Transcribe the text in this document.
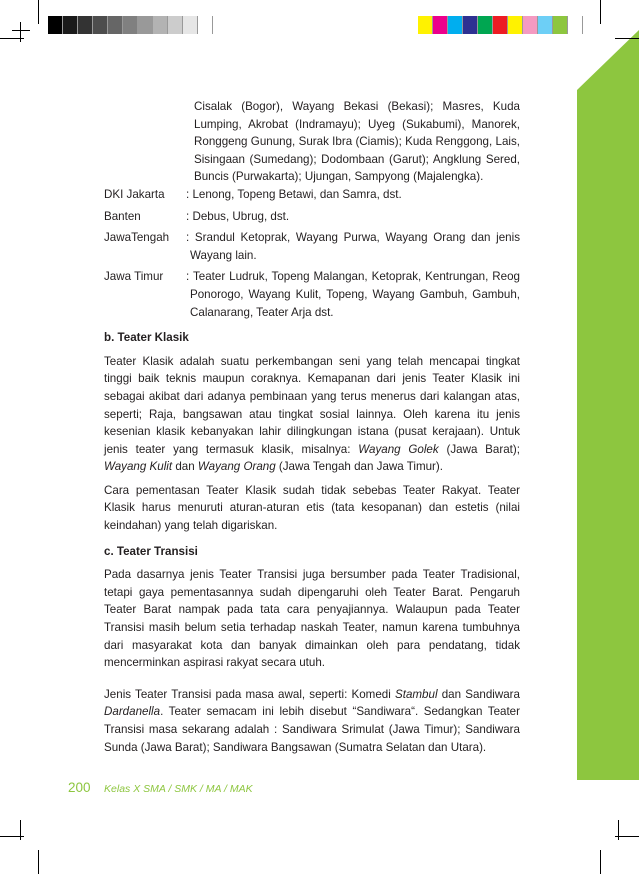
Cisalak (Bogor), Wayang Bekasi (Bekasi); Masres, Kuda Lumping, Akrobat (Indramayu); Uyeg (Sukabumi), Manorek, Ronggeng Gunung, Surak Ibra (Ciamis); Kuda Renggong, Lais, Sisingaan (Sumedang); Dodombaan (Garut); Angklung Sered, Buncis (Purwakarta); Ujungan, Sampyong (Majalengka).
DKI Jakarta	: Lenong, Topeng Betawi, dan Samra, dst.
Banten	: Debus, Ubrug, dst.
JawaTengah	: Srandul Ketoprak, Wayang Purwa, Wayang Orang dan jenis Wayang lain.
Jawa Timur	: Teater Ludruk, Topeng Malangan, Ketoprak, Kentrungan, Reog Ponorogo, Wayang Kulit, Topeng, Wayang Gambuh, Gambuh, Calanarang, Teater Arja dst.
b. Teater Klasik

Teater Klasik adalah suatu perkembangan seni yang telah mencapai tingkat tinggi baik teknis maupun coraknya. Kemapanan dari jenis Teater Klasik ini sebagai akibat dari adanya pembinaan yang terus menerus dari kalangan atas, seperti; Raja, bangsawan atau tingkat sosial lainnya. Oleh karena itu jenis kesenian klasik kebanyakan lahir dilingkungan istana (pusat kerajaan). Untuk jenis teater yang termasuk klasik, misalnya: Wayang Golek (Jawa Barat); Wayang Kulit dan Wayang Orang (Jawa Tengah dan Jawa Timur).

Cara pementasan Teater Klasik sudah tidak sebebas Teater Rakyat. Teater Klasik harus menuruti aturan-aturan etis (tata kesopanan) dan estetis (nilai keindahan) yang telah digariskan.

c. Teater Transisi

Pada dasarnya jenis Teater Transisi juga bersumber pada Teater Tradisional, tetapi gaya pementasannya sudah dipengaruhi oleh Teater Barat. Pengaruh Teater Barat nampak pada tata cara penyajiannya. Walaupun pada Teater Transisi masih belum setia terhadap naskah Teater, namun karena tumbuhnya dari masyarakat kota dan banyak dimainkan oleh para pendatang, tidak mencerminkan aspirasi rakyat secara utuh.

Jenis Teater Transisi pada masa awal, seperti: Komedi Stambul dan Sandiwara Dardanella. Teater semacam ini lebih disebut “Sandiwara“. Sedangkan Teater Transisi masa sekarang adalah : Sandiwara Srimulat (Jawa Timur); Sandiwara Sunda (Jawa Barat); Sandiwara Bangsawan (Sumatra Selatan dan Utara).

200 Kelas X SMA / SMK / MA / MAK
